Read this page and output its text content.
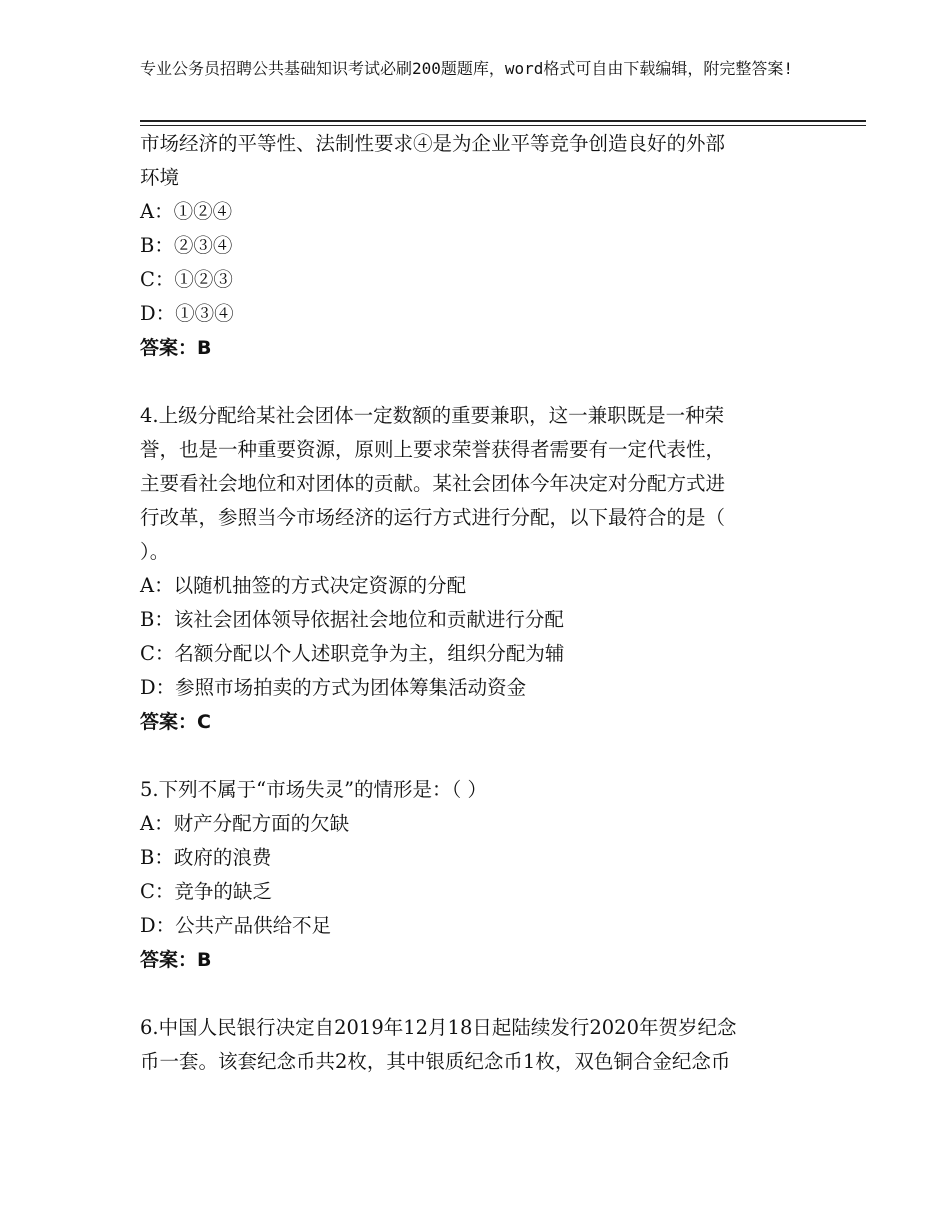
专业公务员招聘公共基础知识考试必刷200题题库，word格式可自由下载编辑，附完整答案!
市场经济的平等性、法制性要求④是为企业平等竞争创造良好的外部
环境
A：①②④
B：②③④
C：①②③
D：①③④
答案：B
4.上级分配给某社会团体一定数额的重要兼职，这一兼职既是一种荣
誉，也是一种重要资源，原则上要求荣誉获得者需要有一定代表性，
主要看社会地位和对团体的贡献。某社会团体今年决定对分配方式进
行改革，参照当今市场经济的运行方式进行分配，以下最符合的是（
）。
A：以随机抽签的方式决定资源的分配
B：该社会团体领导依据社会地位和贡献进行分配
C：名额分配以个人述职竞争为主，组织分配为辅
D：参照市场拍卖的方式为团体筹集活动资金
答案：C
5.下列不属于“市场失灵”的情形是：（ ）
A：财产分配方面的欠缺
B：政府的浪费
C：竞争的缺乏
D：公共产品供给不足
答案：B
6.中国人民银行决定自2019年12月18日起陆续发行2020年贺岁纪念
币一套。该套纪念币共2枚，其中银质纪念币1枚，双色铜合金纪念币
